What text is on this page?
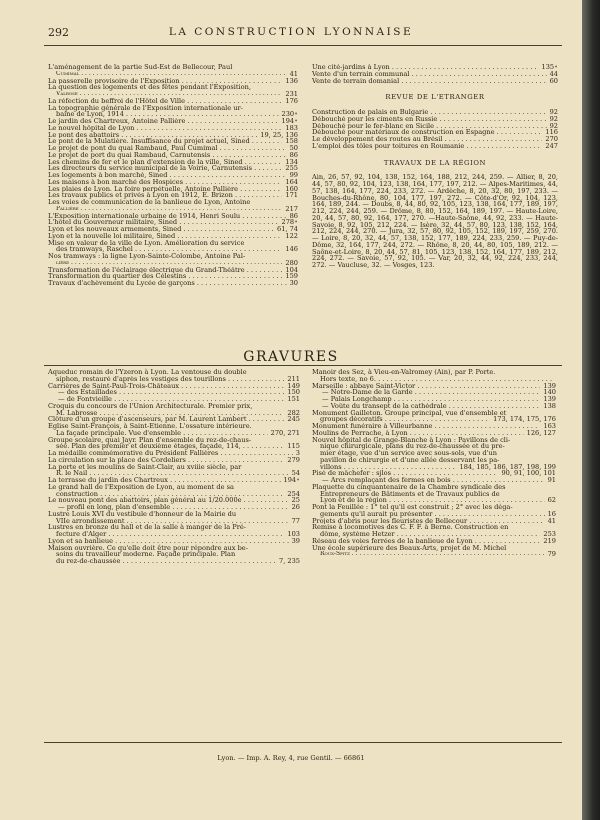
292	LA CONSTRUCTION LYONNAISE
L'aménagement de la partie Sud-Est de Bellecour, Paul
Cumimal . . .	41
La passerelle provisoire de l'Exposition . . .	136
La question des logements et des fêtes pendant l'Exposition,
Valrose . . .	231
La réfection du beffroi de l'Hôtel de Ville . . .	176
La topographie générale de l'Exposition internationale ur-
baine de Lyon, 1914 . . .	230 •
Le jardin des Chartreux, Antoine Pallière . . .	194 •
Le nouvel hôpital de Lyon . . .	183
Le pont des abattoirs . . .	19, 25, 136
Le pont de la Mulatière. Insuffisance du projet actuel, Sined . . .	158
Le projet de pont du quai Rambaud, Paul Cumimal . . .	50
Le projet de port du quai Rambaud, Carnutensis . . .	86
Les chemins de fer et le plan d'extension de la ville, Sined . . .	134
Les directeurs du service municipal de la Voirie, Carnutensis . . .	255
Les logements à bon marché, Sined . . .	99
Les maisons à bon marché des Hospices . . .	164
Les plaies de Lyon. La foire perpétuelle, Antoine Pallière . . .	160
Les travaux publics et privés à Lyon en 1912, E. Brizon . . .	171
Les voies de communication de la banlieue de Lyon, Antoine
Pallière . . .	217
L'Exposition internationale urbaine de 1914, Henri Soulu . . .	86
L'hôtel du Gouverneur militaire, Sined . . .	278 •
Lyon et les nouveaux armements, Sined . . .	61, 74
Lyon et la nouvelle loi militaire, Sined . . .	122
Mise en valeur de la ville de Lyon. Amélioration du service
des tramways, Raschel . . .	146
Nos tramways : la ligne Lyon-Sainte-Colombe, Antoine Pal-
lière . . .	280
Transformation de l'éclairage électrique du Grand-Théâtre . . .	104
Transformation du quartier des Célestins . . .	159
Travaux d'achèvement du Lycée de garçons . . .	30
Une cité-jardins à Lyon . . .	135 •
Vente d'un terrain communal . . .	44
Vente de terrain domanial . . .	60
REVUE DE L'ETRANGER
Construction de palais en Bulgarie . . .	92
Débouché pour les ciments en Russie . . .	92
Débouché pour le fer-blanc en Sicile . . .	92
Débouché pour matériaux de construction en Espagne . . .	116
Le développement des routes au Brésil . . .	270
L'emploi des tôles pour toitures en Roumanie . . .	247
TRAVAUX DE LA RÉGION
Ain, 26, 57, 92, 104, 138, 152, 164, 188, 212, 244, 259. — Allier, 8, 20, 44, 57, 80, 92, 104, 123, 138, 164, 177, 197, 212. — Alpes-Maritimes, 44, 57, 138, 164, 177, 224, 233, 272. — Ardèche, 8, 20, 32, 80, 197, 233. — Bouches-du-Rhône, 80, 104, 177, 197, 272. — Côte-d'Or, 92, 104, 123, 164, 189, 244. — Doubs, 8, 44, 80, 92, 105, 123, 138, 164, 177, 189, 197, 212, 224, 244, 259. — Drôme, 8, 80, 152, 164, 189, 197. — Haute-Loire, 20, 44, 57, 80, 92, 164, 177, 270. —Haute-Saône, 44, 92, 233. — Haute-Savoie, 8, 92, 105, 212, 224. — Isère, 32, 44, 57, 80, 123, 138, 152, 164, 212, 224, 244, 270. — Jura, 32, 57, 80, 92, 105, 152, 189, 197, 259, 270. — Loire, 8, 20, 32, 44, 57, 138, 152, 177, 189, 224, 233, 259. — Puy-de-Dôme, 32, 164, 177, 244, 272. — Rhône, 8, 20, 44, 80, 105, 189, 212. — Saône-et-Loire, 8, 20, 44, 57, 81, 105, 123, 138, 152, 164, 177, 189, 212, 224, 272. — Savoie, 57, 92, 105. — Var, 20, 32, 44, 92, 224, 233, 244, 272. — Vaucluse, 32. — Vosges, 123.
GRAVURES
Aqueduc romain de l'Yzeron à Lyon. La ventouse du double
siphon, restauré d'après les vestiges des tourillons . . .	211
Carrières de Saint-Paul-Trois-Châteaux . . .	149
— des Estaillades . . .	150
— de Fontvieille . . .	151
Croquis du concours de l'Union Architecturale. Premier prix,
M. Labrosse . . .	282
Clôture d'un groupe d'ascenseurs, par M. Laurent Lambert . . .	245
Eglise Saint-François, à Saint-Etienne. L'ossature intérieure.
La façade principale. Vue d'ensemble . . .	270, 271
Groupe scolaire, quai Jayr. Plan d'ensemble du rez-de-chaus-
sée. Plan des premier et deuxième étages, façade, 114, . . .	115
La médaille commémorative du Président Fallières . . .	3
La circulation sur la place des Cordeliers . . .	279
La porte et les moulins de Saint-Clair, au xviiie siècle, par
R. le Nail . . .	54
La terrasse du jardin des Chartreux . . .	194 •
Le grand hall de l'Exposition de Lyon, au moment de sa
construction . . .	254
Le nouveau pont des abattoirs, plan général au 1/20.000e . . .	25
— profil en long, plan d'ensemble . . .	26
Lustre Louis XVI du vestibule d'honneur de la Mairie du
VIIe arrondissement . . .	77
Lustres en bronze du hall et de la salle à manger de la Pré-
fecture d'Alger . . .	103
Lyon et sa banlieue . . .	39
Maison ouvrière. Ce qu'elle doit être pour répondre aux be-
soins du travailleur moderne. Façade principale. Plan
du rez-de-chaussée . . .	7, 235
Manoir des Sez, à Vieu-en-Valromey (Ain), par P. Porte.
Hors texte, no 6. . . .
Marseille : abbaye Saint-Victor . . .	139
— Notre-Dame de la Garde . . .	140
— Palais Longchamp . . .	139
— Voûte du transept de la cathédrale . . .	138
Monument Gailleton. Groupe principal, vue d'ensemble et
groupes décoratifs . . .	173, 174, 175, 176
Monument funéraire à Villeurbanne . . .	163
Moulins de Perrache, à Lyon . . .	126, 127
Nouvel hôpital de Grange-Blanche à Lyon : Pavillons de cli-
nique chirurgicale, plans du rez-de-chaussée et du pre-
mier étage, vue d'un service avec sous-sols, vue d'un
pavillon de chirurgie et d'une allée desservant les pa-
villons . . .	184, 185, 186, 187, 198, 199
Pisé de mâchefer : sjlos . . .	90, 91, 100, 101
— Arcs remplaçant des fermes en bois . . .	91
Plaquette du cinquantenaire de la Chambre syndicale des
Entrepreneurs de Bâtiments et de Travaux publics de
Lyon et de la région . . .	62
Pont la Feuillée : 1° tel qu'il est construit ; 2° avec les déga-
gements qu'il aurait pu présenter . . .	16
Projets d'abris pour les fleuristes de Bellecour . . .	41
Remise à locomotives des C. F. F. à Berne. Construction en
dôme, système Hetzer . . .	253
Réseau des voies ferrées de la banlieue de Lyon . . .	219
Une école supérieure des Beaux-Arts, projet de M. Michel
Roux-Spitz . . .	79
Lyon. — Imp. A. Rey, 4, rue Gentil. — 66861
